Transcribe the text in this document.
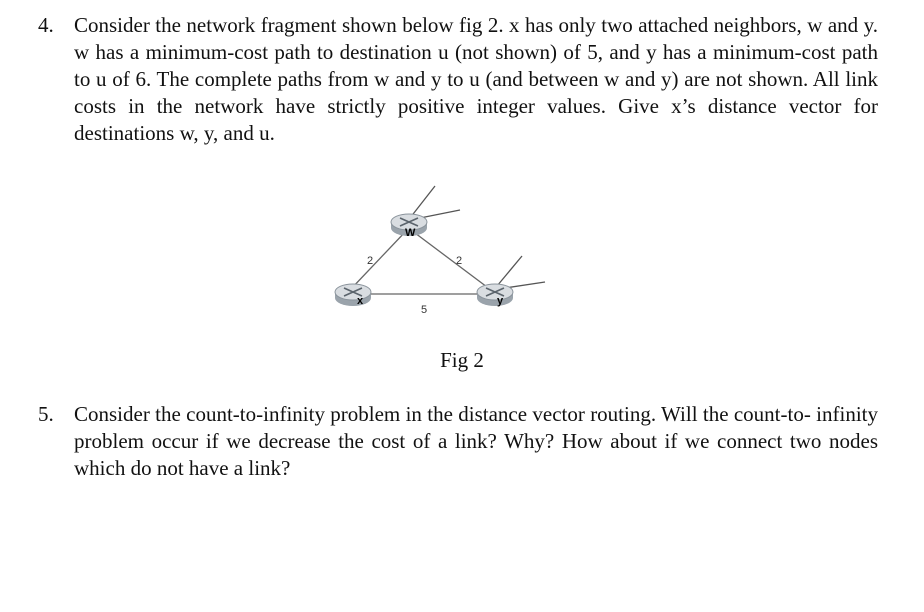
4. Consider the network fragment shown below fig 2. x has only two attached neighbors, w and y. w has a minimum-cost path to destination u (not shown) of 5, and y has a minimum-cost path to u of 6. The complete paths from w and y to u (and between w and y) are not shown. All link costs in the network have strictly positive integer values. Give x’s distance vector for destinations w, y, and u.
W
x	y
2	2
5
Fig 2
5. Consider the count-to-infinity problem in the distance vector routing. Will the count-to- infinity problem occur if we decrease the cost of a link? Why? How about if we connect two nodes which do not have a link?
